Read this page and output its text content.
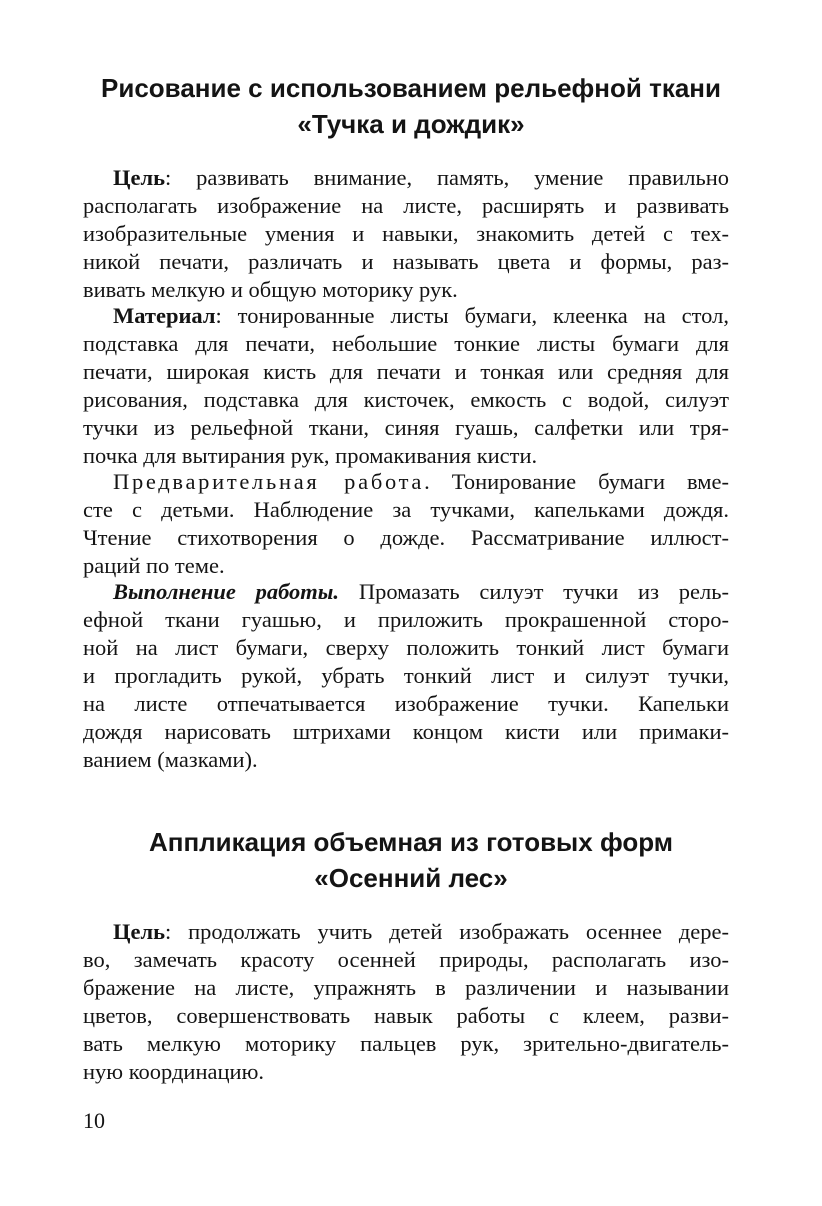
Рисование с использованием рельефной ткани
«Тучка и дождик»
Цель: развивать внимание, память, умение правильно
располагать изображение на листе, расширять и развивать
изобразительные умения и навыки, знакомить детей с тех-
никой печати, различать и называть цвета и формы, раз-
вивать мелкую и общую моторику рук.
Материал: тонированные листы бумаги, клеенка на стол,
подставка для печати, небольшие тонкие листы бумаги для
печати, широкая кисть для печати и тонкая или средняя для
рисования, подставка для кисточек, емкость с водой, силуэт
тучки из рельефной ткани, синяя гуашь, салфетки или тря-
почка для вытирания рук, промакивания кисти.
Предварительная работа. Тонирование бумаги вме-
сте с детьми. Наблюдение за тучками, капельками дождя.
Чтение стихотворения о дожде. Рассматривание иллюст-
раций по теме.
Выполнение работы. Промазать силуэт тучки из рель-
ефной ткани гуашью, и приложить прокрашенной сторо-
ной на лист бумаги, сверху положить тонкий лист бумаги
и прогладить рукой, убрать тонкий лист и силуэт тучки,
на листе отпечатывается изображение тучки. Капельки
дождя нарисовать штрихами концом кисти или примаки-
ванием (мазками).
Аппликация объемная из готовых форм
«Осенний лес»
Цель: продолжать учить детей изображать осеннее дере-
во, замечать красоту осенней природы, располагать изо-
бражение на листе, упражнять в различении и назывании
цветов, совершенствовать навык работы с клеем, разви-
вать мелкую моторику пальцев рук, зрительно-двигатель-
ную координацию.
10
